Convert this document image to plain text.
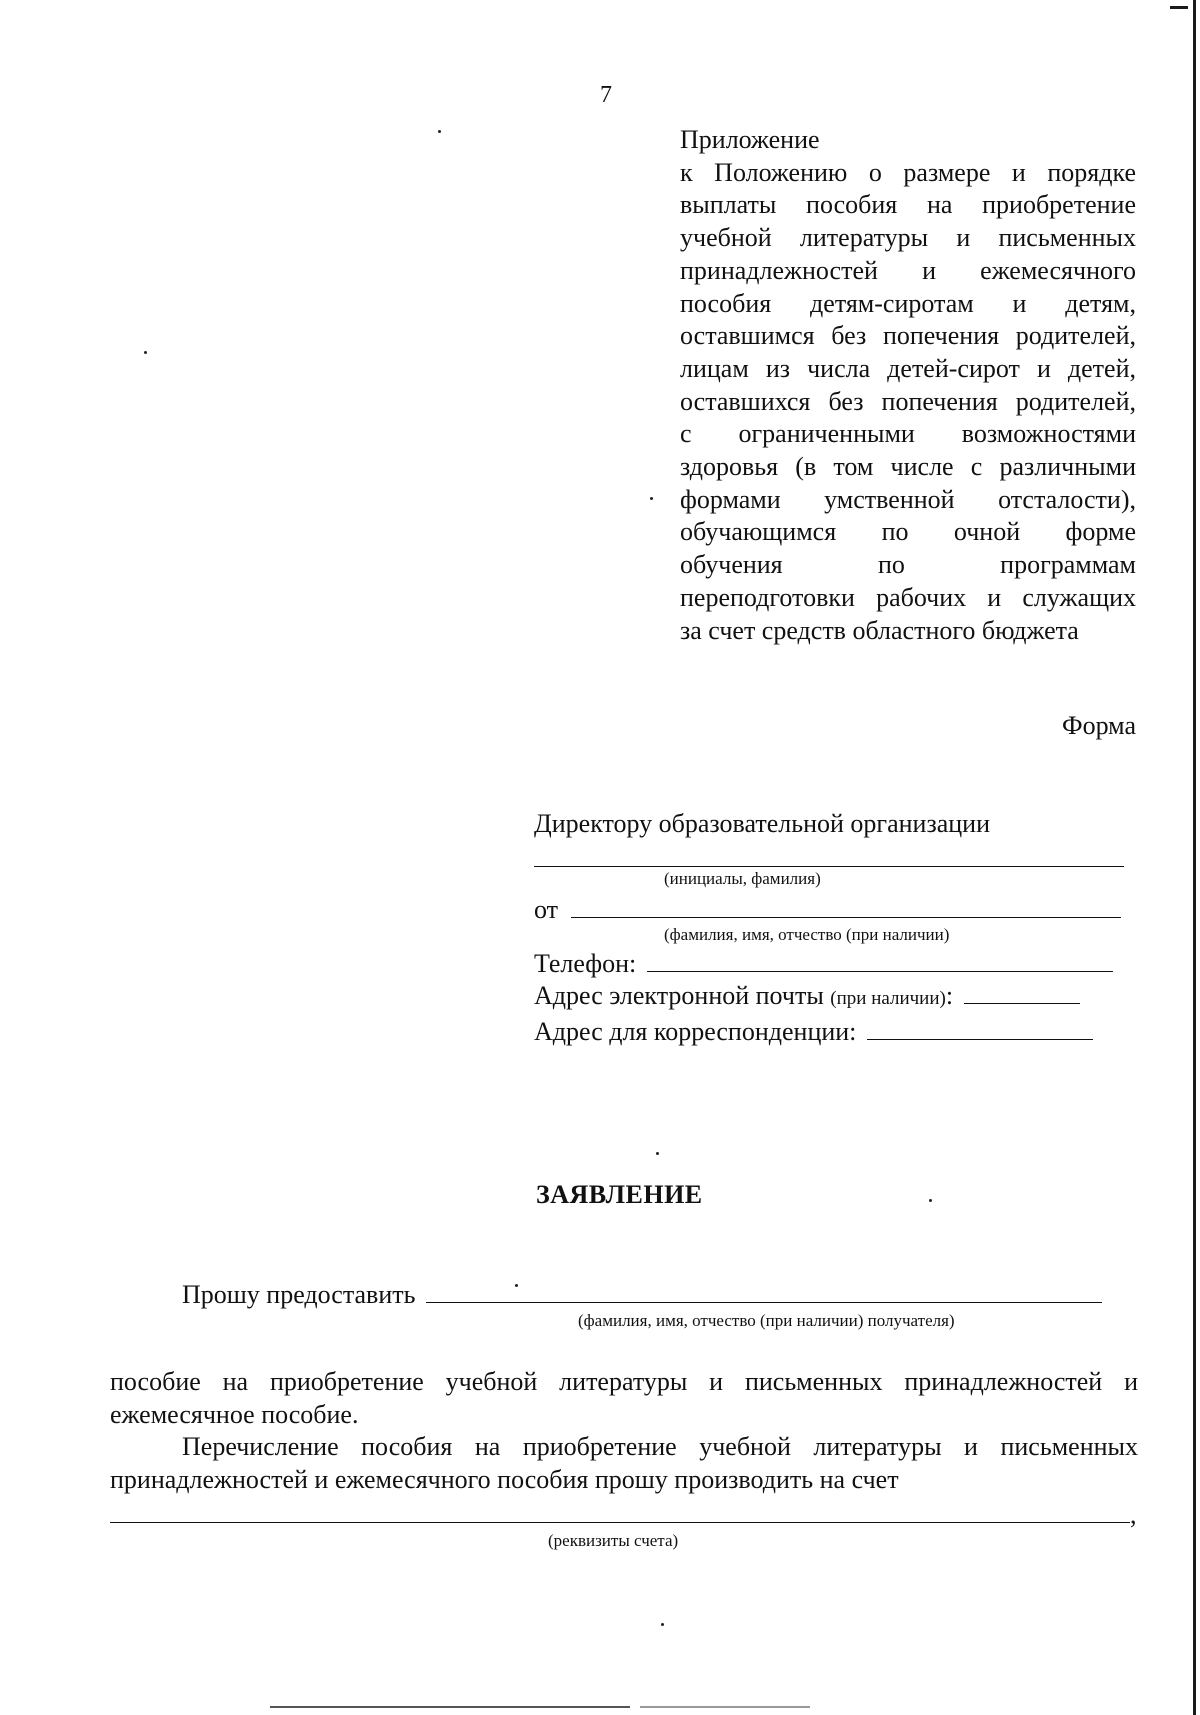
7
Приложение
к Положению о размере и порядке
выплаты пособия на приобретение
учебной литературы и письменных
принадлежностей и ежемесячного
пособия детям-сиротам и детям,
оставшимся без попечения родителей,
лицам из числа детей-сирот и детей,
оставшихся без попечения родителей,
с ограниченными возможностями
здоровья (в том числе с различными
формами умственной отсталости),
обучающимся по очной форме
обучения по программам
переподготовки рабочих и служащих
за счет средств областного бюджета
Форма
Директору образовательной организации
(инициалы, фамилия)
от
(фамилия, имя, отчество (при наличии)
Телефон:
Адрес электронной почты (при наличии):
Адрес для корреспонденции:
ЗАЯВЛЕНИЕ
Прошу предоставить
(фамилия, имя, отчество (при наличии) получателя)
пособие на приобретение учебной литературы и письменных принадлежностей и
ежемесячное пособие.
Перечисление пособия на приобретение учебной литературы и письменных
принадлежностей и ежемесячного пособия прошу производить на счет
,
(реквизиты счета)
